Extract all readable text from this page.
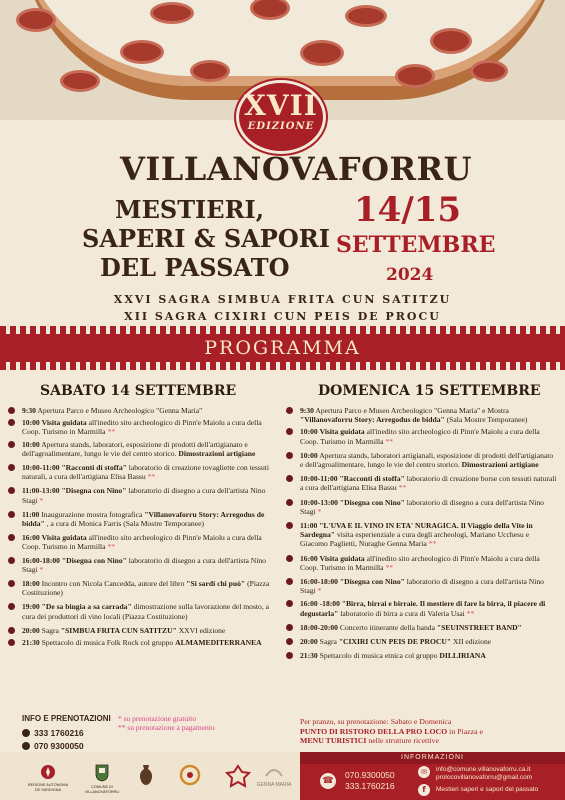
XVII
EDIZIONE
VILLANOVAFORRU
MESTIERI,
SAPERI & SAPORI
DEL PASSATO
14/15
SETTEMBRE
2024
XXVI SAGRA SIMBUA FRITA CUN SATITZU
XII SAGRA CIXIRI CUN PEIS DE PROCU
PROGRAMMA
SABATO 14 SETTEMBRE
9:30 Apertura Parco e Museo Archeologico "Genna Maria"
10:00 Visita guidata all'inedito sito archeologico di Pinn'e Maiolu a cura della Coop. Turismo in Marmilla **
10:00 Apertura stands, laboratori, esposizione di prodotti dell'artigianato e dell'agroalimentare, lungo le vie del centro storico. Dimostrazioni artigiane
10:00-11:00 "Racconti di stoffa" laboratorio di creazione tovagliette con tessuti naturali, a cura dell'artigiana Elisa Bassu **
11:00-13:00 "Disegna con Nino" laboratorio di disegno a cura dell'artista Nino Stagi *
11:00 Inaugurazione mostra fotografica "Villanovaforru Story: Arregodus de bidda" , a cura di Monica Farris (Sala Mostre Temporanee)
16:00 Visita guidata all'inedito sito archeologico di Pinn'e Maiolu a cura della Coop. Turismo in Marmilla **
16:00-18:00 "Disegna con Nino" laboratorio di disegno a cura dell'artista Nino Stagi *
18:00 Incontro con Nicola Cancedda, autore del libro "Si sardi chi può" (Piazza Costituzione)
19:00 "De sa bingia a sa carrada" dimostrazione sulla lavorazione del mosto, a cura dei produttori di vino locali (Piazza Costituzione)
20:00 Sagra "SIMBUA FRITA CUN SATITZU" XXVI edizione
21:30 Spettacolo di musica Folk Rock col gruppo ALMAMEDITERRANEA
DOMENICA 15 SETTEMBRE
9:30 Apertura Parco e Museo Archeologico "Genna Maria" e Mostra "Villanovaforru Story: Arregodus de bidda" (Sala Mostre Temporanee)
10:00 Visita guidata all'inedito sito archeologico di Pinn'e Maiolu a cura della Coop. Turismo in Marmilla **
10:00 Apertura stands, laboratori artigianali, esposizione di prodotti dell'artigianato e dell'agroalimentare, lungo le vie del centro storico. Dimostrazioni artigiane
10:00-11:00 "Racconti di stoffa" laboratorio di creazione borse con tessuti naturali a cura dell'artigiana Elisa Bassu **
10:00-13:00 "Disegna con Nino" laboratorio di disegno a cura dell'artista Nino Stagi *
11:00 "L'UVA E IL VINO IN ETA' NURAGICA. Il Viaggio della Vite in Sardegna" visita esperienziale a cura degli archeologi, Mariano Ucchesu e Giacomo Paglietti, Nuraghe Genna Maria **
16:00 Visita guidata all'inedito sito archeologico di Pinn'e Maiolu a cura della Coop. Turismo in Marmilla **
16:00-18:00 "Disegna con Nino" laboratorio di disegno a cura dell'artista Nino Stagi *
16:00 -18:00 "Birra, birrai e birraie. Il mestiere di fare la birra, il piacere di degustarla" laboratorio di birra a cura di Valeria Usai **
18:00-20:00 Concerto itinerante della banda "SEUINSTREET BAND"
20:00 Sagra "CIXIRI CUN PEIS DE PROCU" XII edizione
21:30 Spettacolo di musica etnica col gruppo DILLIRIANA
INFO E PRENOTAZIONI
333 1760216
070 9300050
* su prenotazione gratuito
** su prenotazione a pagamento
Per pranzo, su prenotazione: Sabato e Domenica
PUNTO DI RISTORO DELLA PRO LOCO in Piazza e
MENU TURISTICI nelle strutture ricettive
REGIONE AUTONOMA DE SARDIGNA
COMUNE DI VILLANOVAFORRU
GENNA MARIA
INFORMAZIONI
☎
070.9300050
333.1760216
✉	info@comune.villanovaforru.ca.it
prolocovillanovaforru@gmail.com
f	Mestieri saperi e sapori del passato
